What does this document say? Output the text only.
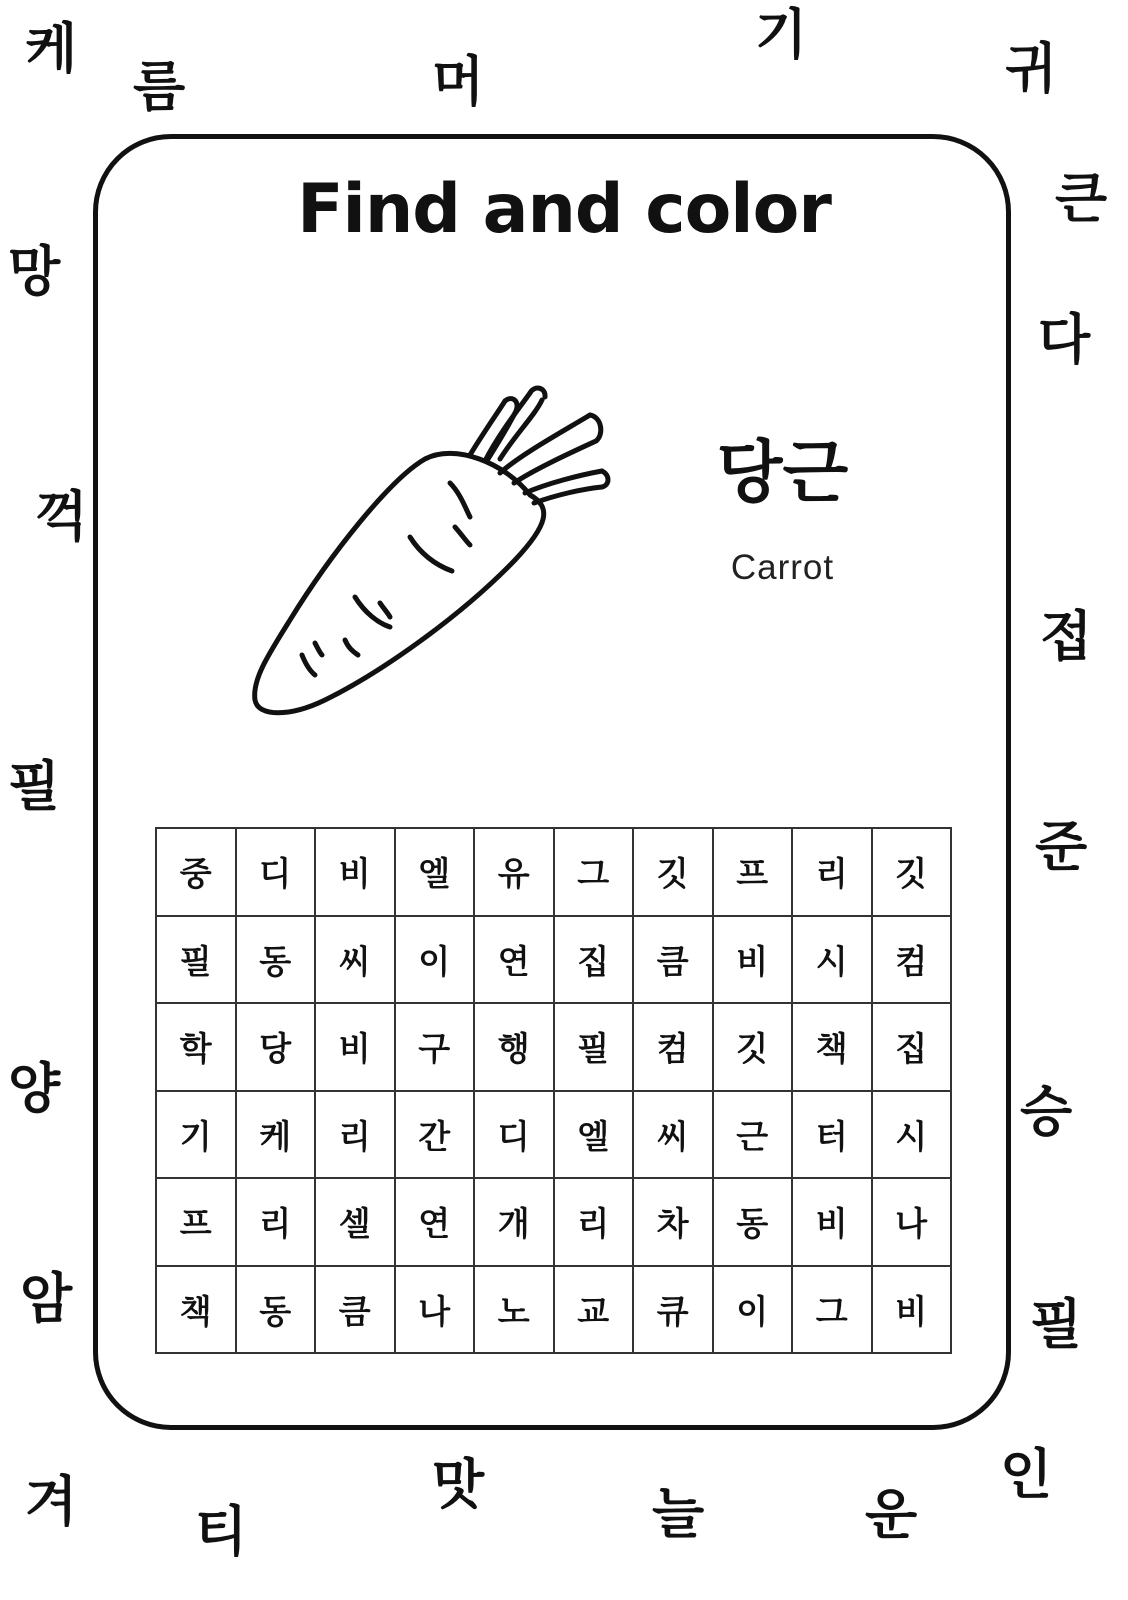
케
름	머
기
귀
큰
망
다
꺽
접
필
준
양	승
암	필
겨 티
맛	늘	운
인
Find and color
당근
Carrot
중	디	비	엘	유	그	깃	프	리	깃
필	동	씨	이	연	집	큼	비	시	컴
학	당	비	구	행	필	컴	깃	책	집
기	케	리	간	디	엘	씨	근	터	시
프	리	셀	연	개	리	차	동	비	나
책	동	큼	나	노	교	큐	이	그	비
